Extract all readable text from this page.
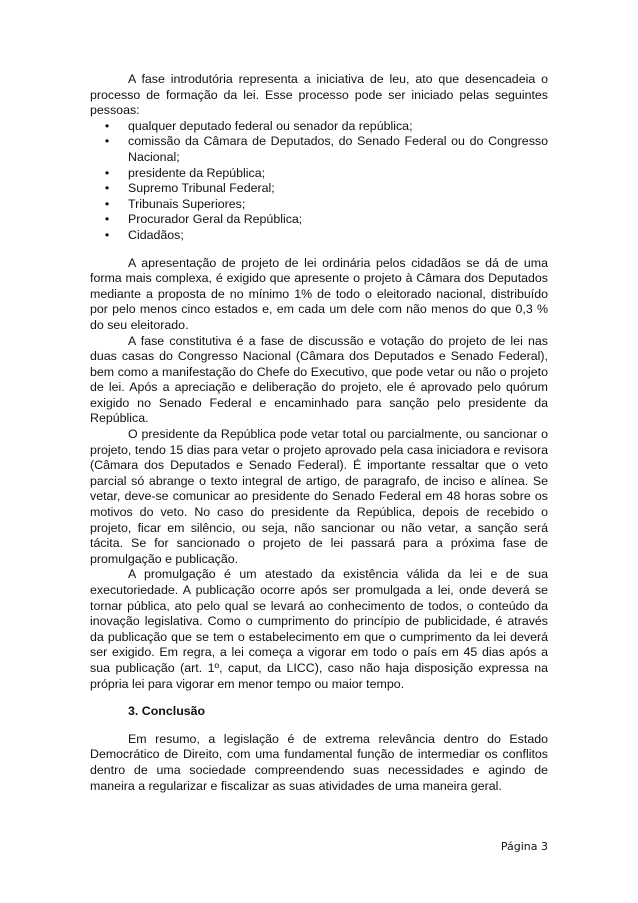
A fase introdutória representa a iniciativa de leu, ato que desencadeia o processo de formação da lei. Esse processo pode ser iniciado pelas seguintes pessoas:

• qualquer deputado federal ou senador da república;
• comissão da Câmara de Deputados, do Senado Federal ou do Congresso Nacional;
• presidente da República;
• Supremo Tribunal Federal;
• Tribunais Superiores;
• Procurador Geral da República;
• Cidadãos;

A apresentação de projeto de lei ordinária pelos cidadãos se dá de uma forma mais complexa, é exigido que apresente o projeto à Câmara dos Deputados mediante a proposta de no mínimo 1% de todo o eleitorado nacional, distribuído por pelo menos cinco estados e, em cada um dele com não menos do que 0,3 % do seu eleitorado.

A fase constitutiva é a fase de discussão e votação do projeto de lei nas duas casas do Congresso Nacional (Câmara dos Deputados e Senado Federal), bem como a manifestação do Chefe do Executivo, que pode vetar ou não o projeto de lei. Após a apreciação e deliberação do projeto, ele é aprovado pelo quórum exigido no Senado Federal e encaminhado para sanção pelo presidente da República.

O presidente da República pode vetar total ou parcialmente, ou sancionar o projeto, tendo 15 dias para vetar o projeto aprovado pela casa iniciadora e revisora (Câmara dos Deputados e Senado Federal). É importante ressaltar que o veto parcial só abrange o texto integral de artigo, de paragrafo, de inciso e alínea. Se vetar, deve-se comunicar ao presidente do Senado Federal em 48 horas sobre os motivos do veto. No caso do presidente da República, depois de recebido o projeto, ficar em silêncio, ou seja, não sancionar ou não vetar, a sanção será tácita. Se for sancionado o projeto de lei passará para a próxima fase de promulgação e publicação.

A promulgação é um atestado da existência válida da lei e de sua executoriedade. A publicação ocorre após ser promulgada a lei, onde deverá se tornar pública, ato pelo qual se levará ao conhecimento de todos, o conteúdo da inovação legislativa. Como o cumprimento do princípio de publicidade, é através da publicação que se tem o estabelecimento em que o cumprimento da lei deverá ser exigido. Em regra, a lei começa a vigorar em todo o país em 45 dias após a sua publicação (art. 1º, caput, da LICC), caso não haja disposição expressa na própria lei para vigorar em menor tempo ou maior tempo.

3. Conclusão

Em resumo, a legislação é de extrema relevância dentro do Estado Democrático de Direito, com uma fundamental função de intermediar os conflitos dentro de uma sociedade compreendendo suas necessidades e agindo de maneira a regularizar e fiscalizar as suas atividades de uma maneira geral.

Página 3
